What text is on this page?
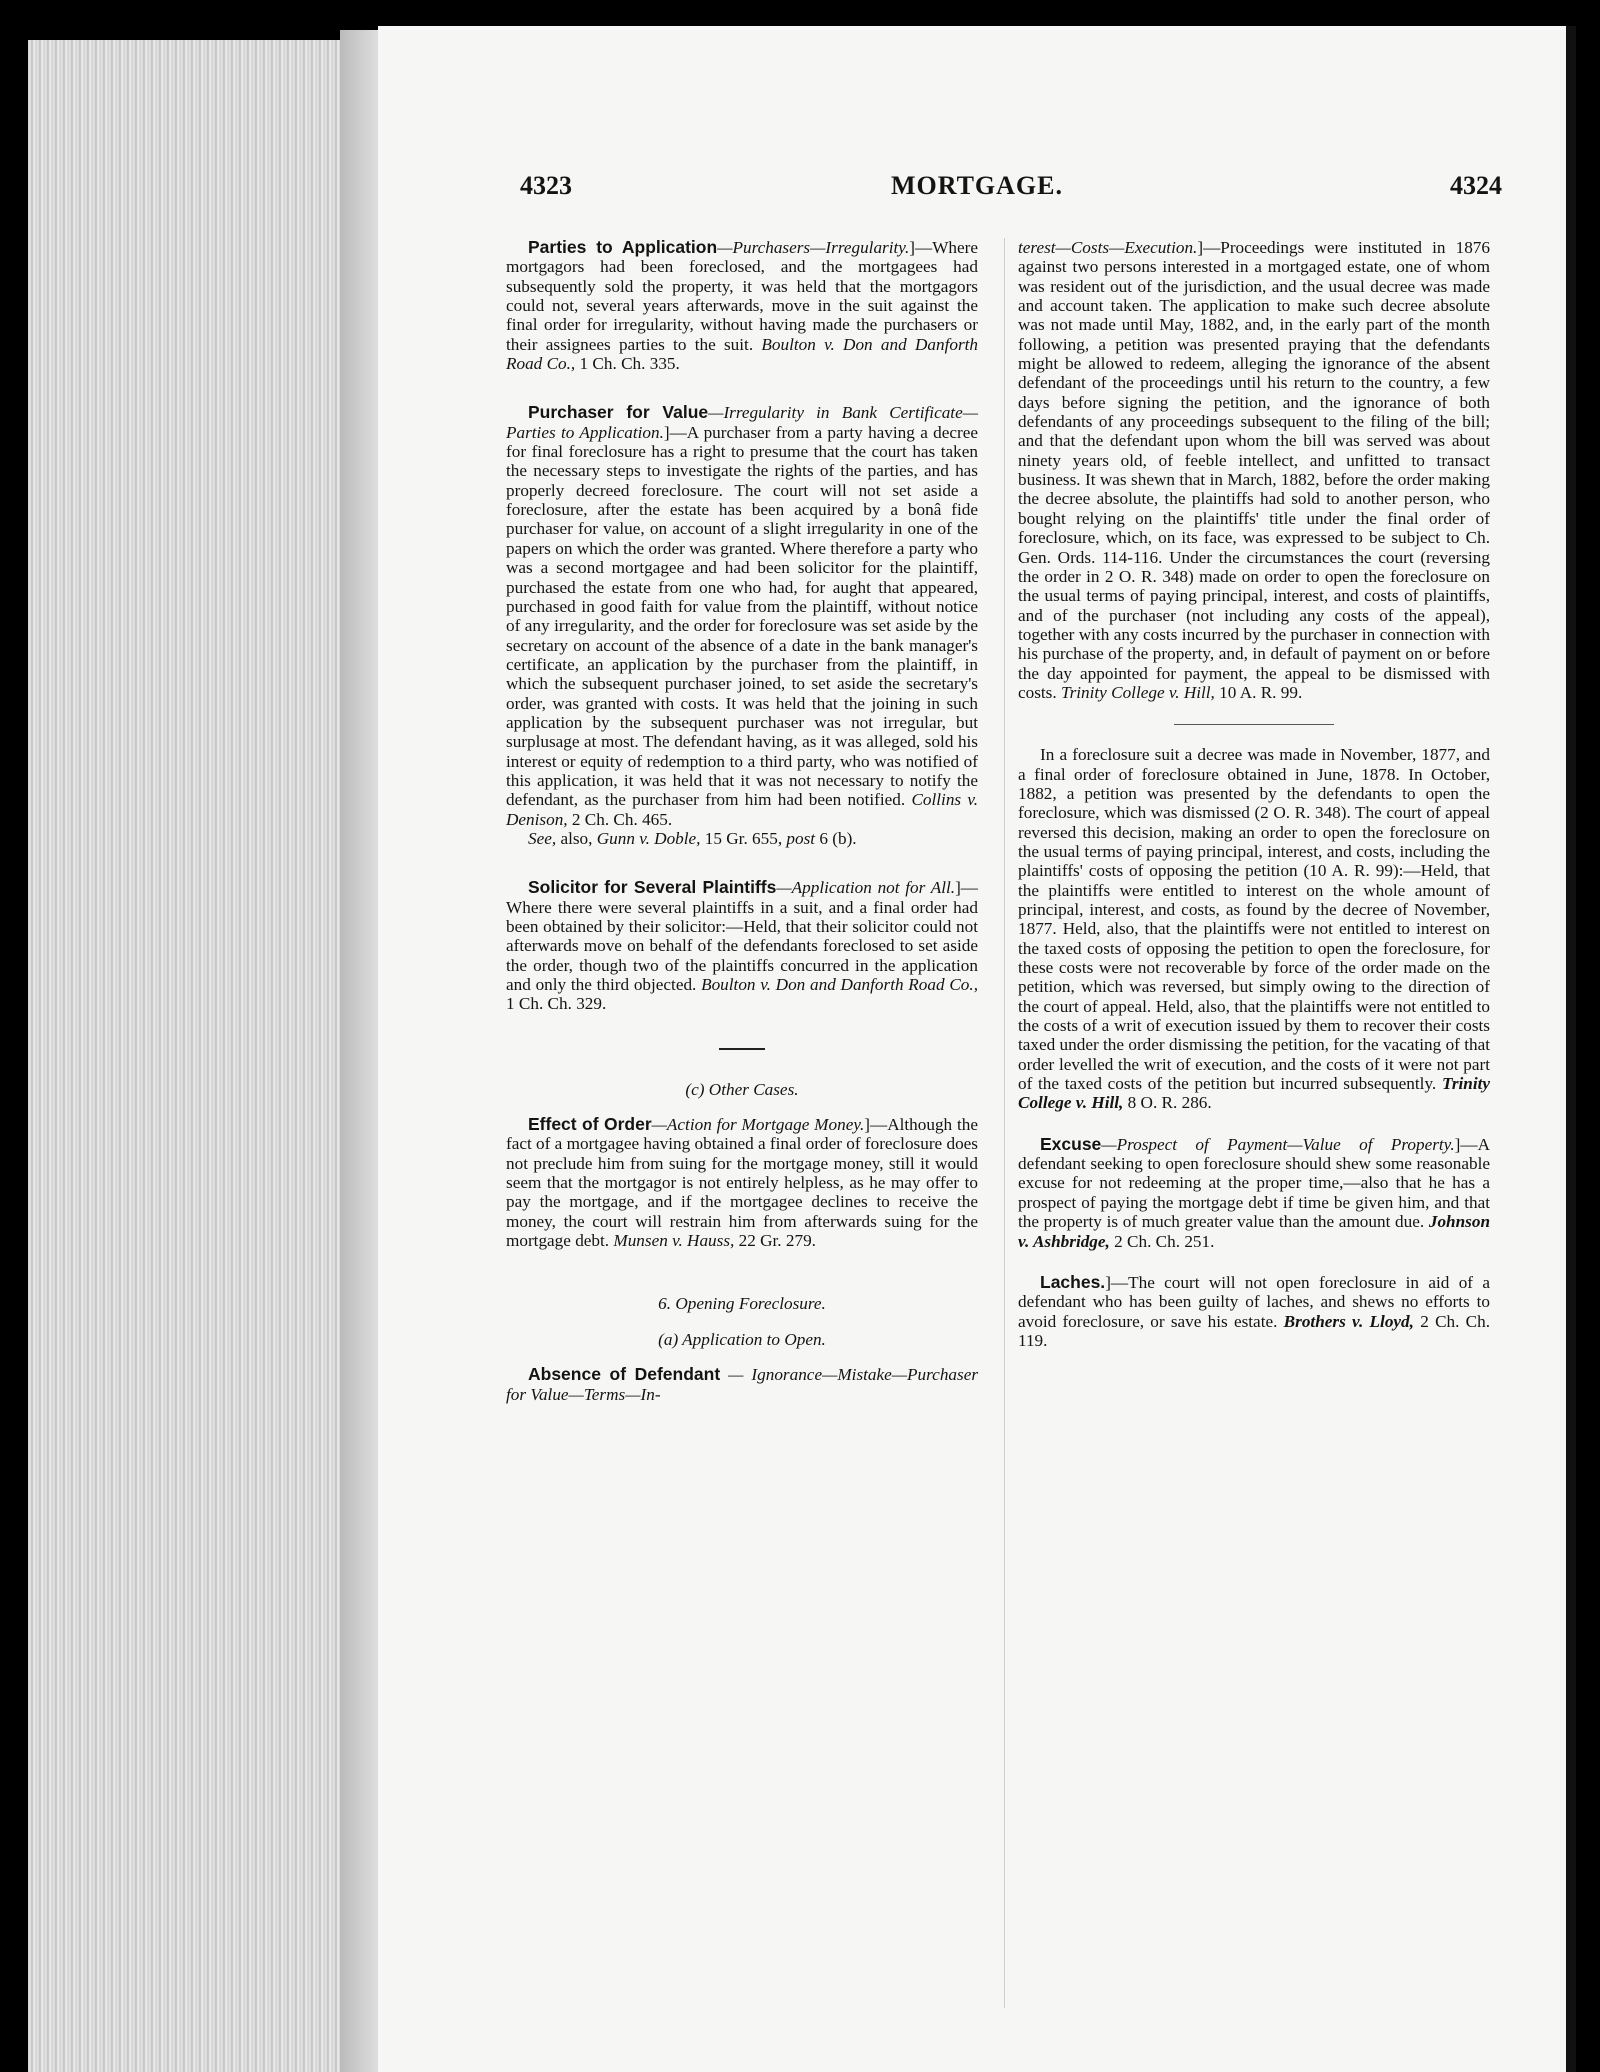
4323	MORTGAGE.	4324

Parties to Application—Purchasers—Irregularity.]—Where mortgagors had been foreclosed, and the mortgagees had subsequently sold the property, it was held that the mortgagors could not, several years afterwards, move in the suit against the final order for irregularity, without having made the purchasers or their assignees parties to the suit. Boulton v. Don and Danforth Road Co., 1 Ch. Ch. 335.

Purchaser for Value—Irregularity in Bank Certificate—Parties to Application.]—A purchaser from a party having a decree for final foreclosure has a right to presume that the court has taken the necessary steps to investigate the rights of the parties, and has properly decreed foreclosure. The court will not set aside a foreclosure, after the estate has been acquired by a bonâ fide purchaser for value, on account of a slight irregularity in one of the papers on which the order was granted. Where therefore a party who was a second mortgagee and had been solicitor for the plaintiff, purchased the estate from one who had, for aught that appeared, purchased in good faith for value from the plaintiff, without notice of any irregularity, and the order for foreclosure was set aside by the secretary on account of the absence of a date in the bank manager's certificate, an application by the purchaser from the plaintiff, in which the subsequent purchaser joined, to set aside the secretary's order, was granted with costs. It was held that the joining in such application by the subsequent purchaser was not irregular, but surplusage at most. The defendant having, as it was alleged, sold his interest or equity of redemption to a third party, who was notified of this application, it was held that it was not necessary to notify the defendant, as the purchaser from him had been notified. Collins v. Denison, 2 Ch. Ch. 465.

See, also, Gunn v. Doble, 15 Gr. 655, post 6 (b).

Solicitor for Several Plaintiffs—Application not for All.]—Where there were several plaintiffs in a suit, and a final order had been obtained by their solicitor:—Held, that their solicitor could not afterwards move on behalf of the defendants foreclosed to set aside the order, though two of the plaintiffs concurred in the application and only the third objected. Boulton v. Don and Danforth Road Co., 1 Ch. Ch. 329.

(c) Other Cases.

Effect of Order—Action for Mortgage Money.]—Although the fact of a mortgagee having obtained a final order of foreclosure does not preclude him from suing for the mortgage money, still it would seem that the mortgagor is not entirely helpless, as he may offer to pay the mortgage, and if the mortgagee declines to receive the money, the court will restrain him from afterwards suing for the mortgage debt. Munsen v. Hauss, 22 Gr. 279.

6. Opening Foreclosure.

(a) Application to Open.

Absence of Defendant — Ignorance—Mistake—Purchaser for Value—Terms—In-

terest—Costs—Execution.]—Proceedings were instituted in 1876 against two persons interested in a mortgaged estate, one of whom was resident out of the jurisdiction, and the usual decree was made and account taken. The application to make such decree absolute was not made until May, 1882, and, in the early part of the month following, a petition was presented praying that the defendants might be allowed to redeem, alleging the ignorance of the absent defendant of the proceedings until his return to the country, a few days before signing the petition, and the ignorance of both defendants of any proceedings subsequent to the filing of the bill; and that the defendant upon whom the bill was served was about ninety years old, of feeble intellect, and unfitted to transact business. It was shewn that in March, 1882, before the order making the decree absolute, the plaintiffs had sold to another person, who bought relying on the plaintiffs' title under the final order of foreclosure, which, on its face, was expressed to be subject to Ch. Gen. Ords. 114-116. Under the circumstances the court (reversing the order in 2 O. R. 348) made on order to open the foreclosure on the usual terms of paying principal, interest, and costs of plaintiffs, and of the purchaser (not including any costs of the appeal), together with any costs incurred by the purchaser in connection with his purchase of the property, and, in default of payment on or before the day appointed for payment, the appeal to be dismissed with costs. Trinity College v. Hill, 10 A. R. 99.

In a foreclosure suit a decree was made in November, 1877, and a final order of foreclosure obtained in June, 1878. In October, 1882, a petition was presented by the defendants to open the foreclosure, which was dismissed (2 O. R. 348). The court of appeal reversed this decision, making an order to open the foreclosure on the usual terms of paying principal, interest, and costs, including the plaintiffs' costs of opposing the petition (10 A. R. 99):—Held, that the plaintiffs were entitled to interest on the whole amount of principal, interest, and costs, as found by the decree of November, 1877. Held, also, that the plaintiffs were not entitled to interest on the taxed costs of opposing the petition to open the foreclosure, for these costs were not recoverable by force of the order made on the petition, which was reversed, but simply owing to the direction of the court of appeal. Held, also, that the plaintiffs were not entitled to the costs of a writ of execution issued by them to recover their costs taxed under the order dismissing the petition, for the vacating of that order levelled the writ of execution, and the costs of it were not part of the taxed costs of the petition but incurred subsequently. Trinity College v. Hill, 8 O. R. 286.

Excuse—Prospect of Payment—Value of Property.]—A defendant seeking to open foreclosure should shew some reasonable excuse for not redeeming at the proper time,—also that he has a prospect of paying the mortgage debt if time be given him, and that the property is of much greater value than the amount due. Johnson v. Ashbridge, 2 Ch. Ch. 251.

Laches.]—The court will not open foreclosure in aid of a defendant who has been guilty of laches, and shews no efforts to avoid foreclosure, or save his estate. Brothers v. Lloyd, 2 Ch. Ch. 119.
